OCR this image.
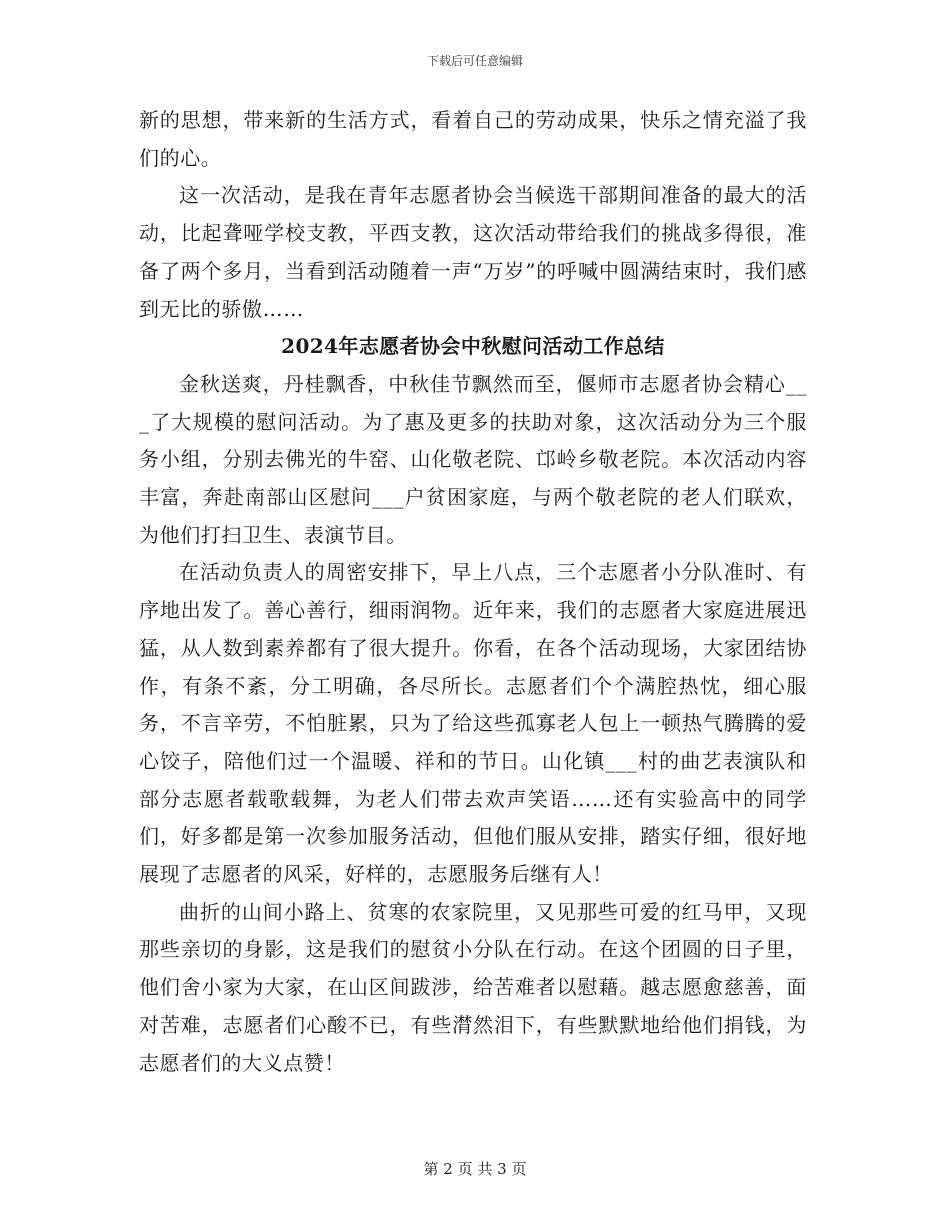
下载后可任意编辑

新的思想，带来新的生活方式，看着自己的劳动成果，快乐之情充溢了我们的心。

这一次活动，是我在青年志愿者协会当候选干部期间准备的最大的活动，比起聋哑学校支教，平西支教，这次活动带给我们的挑战多得很，准备了两个多月，当看到活动随着一声“万岁”的呼喊中圆满结束时，我们感到无比的骄傲……

2024年志愿者协会中秋慰问活动工作总结

金秋送爽，丹桂飘香，中秋佳节飘然而至，偃师市志愿者协会精心___了大规模的慰问活动。为了惠及更多的扶助对象，这次活动分为三个服务小组，分别去佛光的牛窑、山化敬老院、邙岭乡敬老院。本次活动内容丰富，奔赴南部山区慰问___户贫困家庭，与两个敬老院的老人们联欢，为他们打扫卫生、表演节目。

在活动负责人的周密安排下，早上八点，三个志愿者小分队准时、有序地出发了。善心善行，细雨润物。近年来，我们的志愿者大家庭进展迅猛，从人数到素养都有了很大提升。你看，在各个活动现场，大家团结协作，有条不紊，分工明确，各尽所长。志愿者们个个满腔热忱，细心服务，不言辛劳，不怕脏累，只为了给这些孤寡老人包上一顿热气腾腾的爱心饺子，陪他们过一个温暖、祥和的节日。山化镇___村的曲艺表演队和部分志愿者载歌载舞，为老人们带去欢声笑语……还有实验高中的同学们，好多都是第一次参加服务活动，但他们服从安排，踏实仔细，很好地展现了志愿者的风采，好样的，志愿服务后继有人！

曲折的山间小路上、贫寒的农家院里，又见那些可爱的红马甲，又现那些亲切的身影，这是我们的慰贫小分队在行动。在这个团圆的日子里，他们舍小家为大家，在山区间跋涉，给苦难者以慰藉。越志愿愈慈善，面对苦难，志愿者们心酸不已，有些潸然泪下，有些默默地给他们捐钱，为志愿者们的大义点赞！

第 2 页 共 3 页
